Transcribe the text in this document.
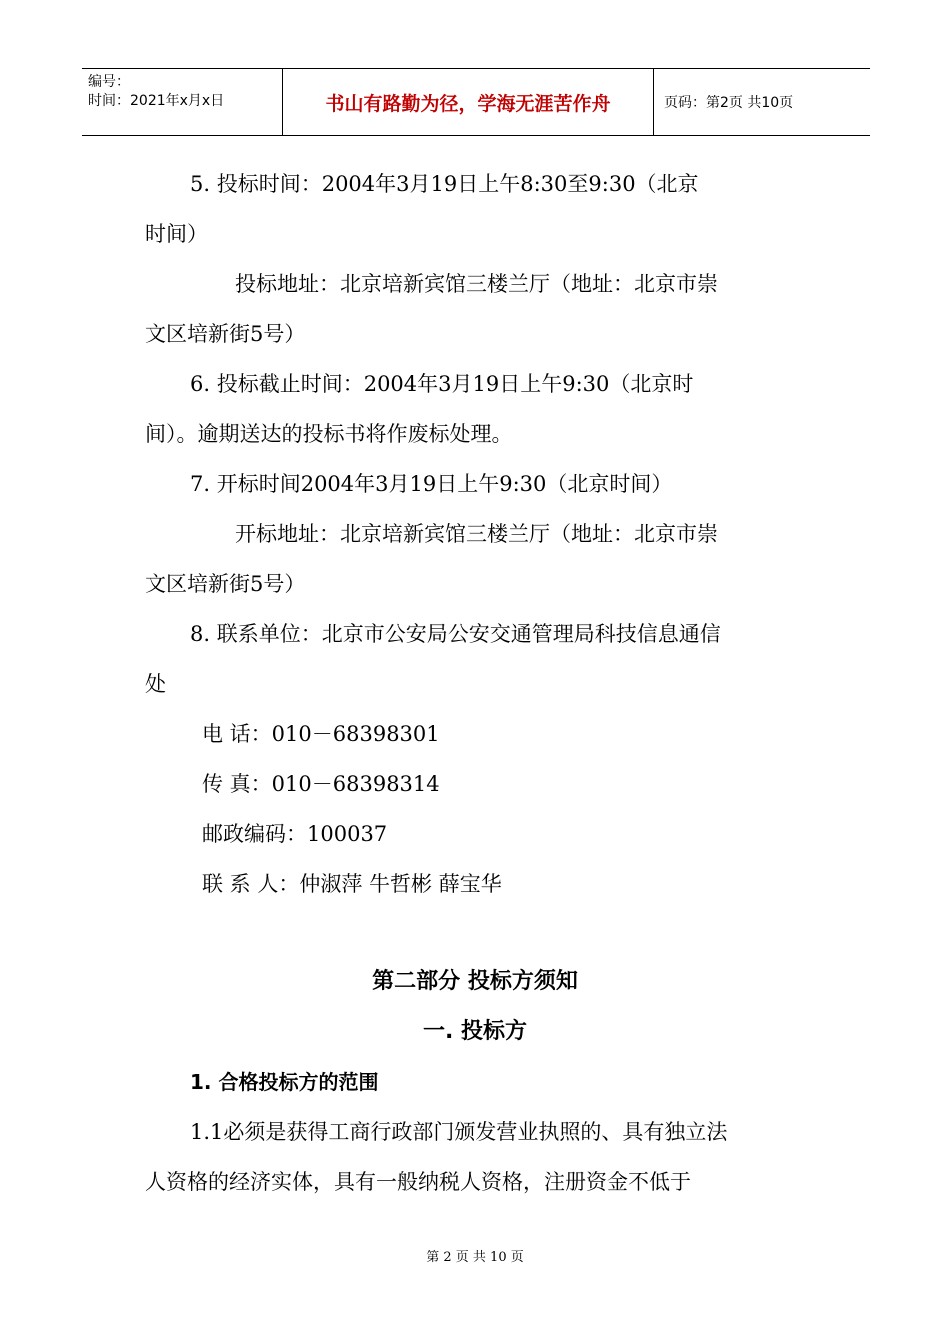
编号：
时间：2021年x月x日	书山有路勤为径，学海无涯苦作舟	页码：第2页 共10页
5. 投标时间：2004年3月19日上午8:30至9:30（北京
时间）
投标地址：北京培新宾馆三楼兰厅（地址：北京市崇
文区培新街5号）
6. 投标截止时间：2004年3月19日上午9:30（北京时
间）。逾期送达的投标书将作废标处理。
7. 开标时间2004年3月19日上午9:30（北京时间）
开标地址：北京培新宾馆三楼兰厅（地址：北京市崇
文区培新街5号）
8. 联系单位：北京市公安局公安交通管理局科技信息通信
处
电 话：010－68398301
传 真：010－68398314
邮政编码：100037
联 系 人：仲淑萍 牛哲彬 薛宝华
第二部分 投标方须知
一. 投标方
1. 合格投标方的范围
1.1必须是获得工商行政部门颁发营业执照的、具有独立法
人资格的经济实体，具有一般纳税人资格，注册资金不低于
第 2 页 共 10 页
